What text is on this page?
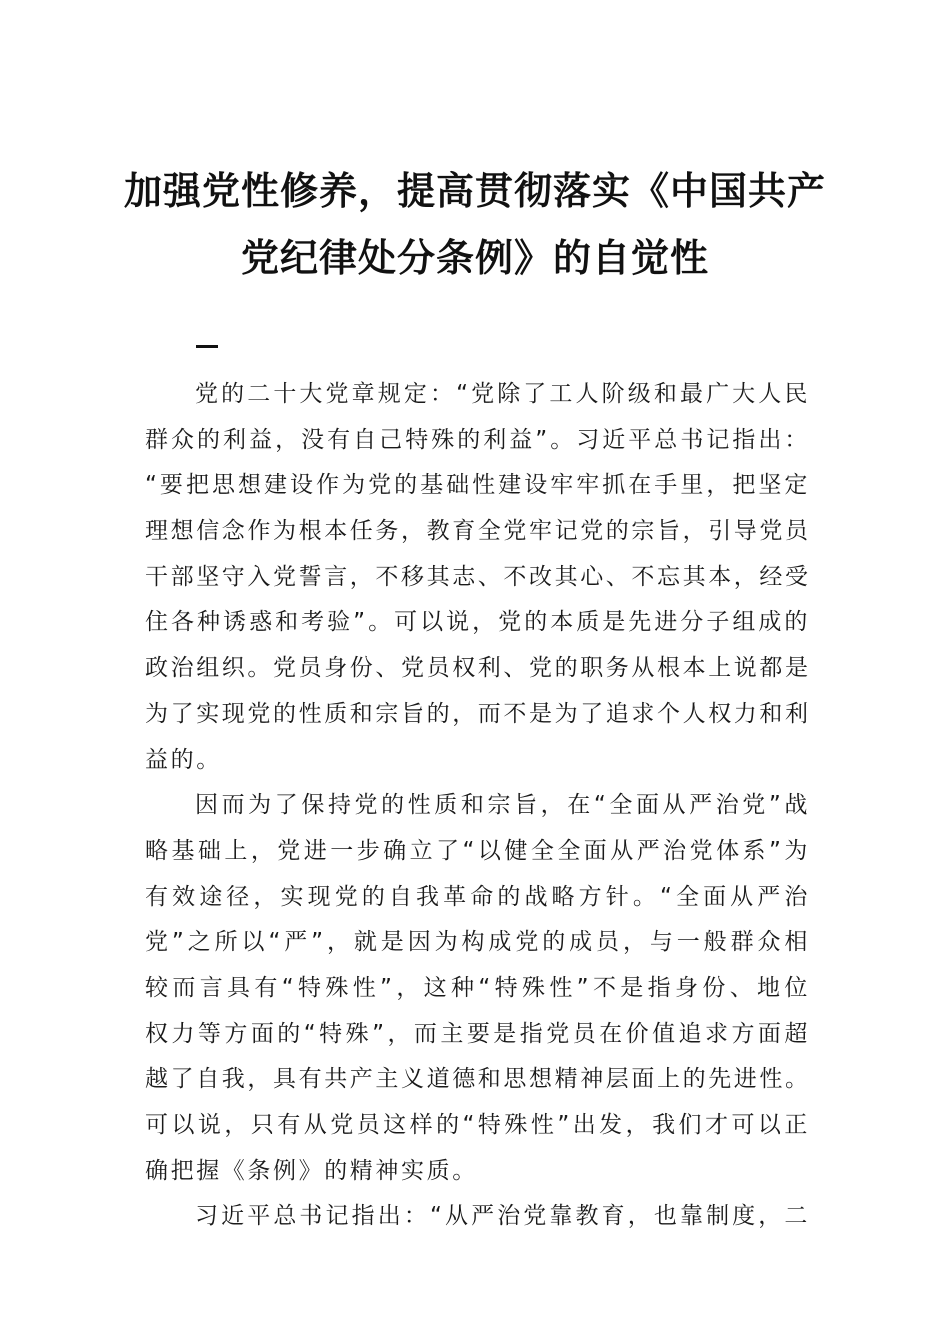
加强党性修养，提高贯彻落实《中国共产
党纪律处分条例》的自觉性
党的二十大党章规定：“党除了工人阶级和最广大人民
群众的利益，没有自己特殊的利益”。习近平总书记指出：
“要把思想建设作为党的基础性建设牢牢抓在手里，把坚定
理想信念作为根本任务，教育全党牢记党的宗旨，引导党员
干部坚守入党誓言，不移其志、不改其心、不忘其本，经受
住各种诱惑和考验”。可以说，党的本质是先进分子组成的
政治组织。党员身份、党员权利、党的职务从根本上说都是
为了实现党的性质和宗旨的，而不是为了追求个人权力和利
益的。
因而为了保持党的性质和宗旨，在“全面从严治党”战
略基础上，党进一步确立了“以健全全面从严治党体系”为
有效途径，实现党的自我革命的战略方针。“全面从严治
党”之所以“严”，就是因为构成党的成员，与一般群众相
较而言具有“特殊性”，这种“特殊性”不是指身份、地位
权力等方面的“特殊”，而主要是指党员在价值追求方面超
越了自我，具有共产主义道德和思想精神层面上的先进性。
可以说，只有从党员这样的“特殊性”出发，我们才可以正
确把握《条例》的精神实质。
习近平总书记指出：“从严治党靠教育，也靠制度，二
